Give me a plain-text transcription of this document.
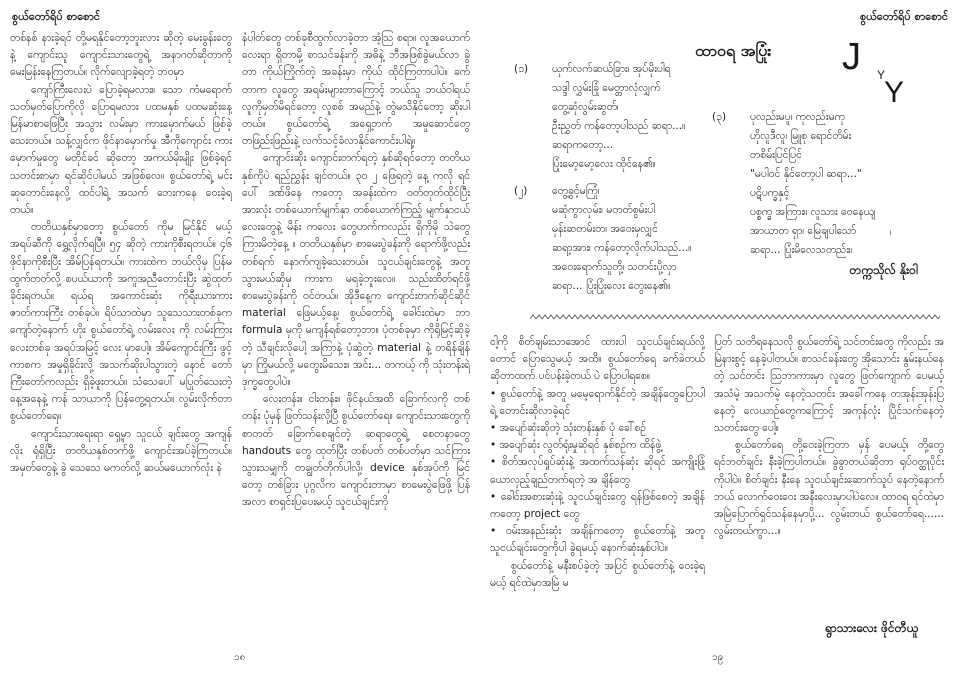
စွယ်တော်ရိပ် စာစောင်

တစ်နစ် နားခဲ့ရင် တို့မရနိုင်တော့ဘူးလား ဆိုတဲ့ မေးခွန်းတွေနဲ့ ကျောင်းသူ ကျောင်းသားတွေရဲ့ အနာဂတ်ဆိုတာကို မေးမြန်းနေကြတယ်။ လိုက်လျောခဲ့ရတဲ့ ဘဝမှာ

ကျော်ကြီးလေးပဲ ပြောခဲ့ရမလား။ သော ကံမရောက် သတ်မှတ်ပြောကိုလို ပြောရမလား ပထမနှစ် ပထမဆုံးနေ့ မြန်မာစာဖြေပြီး အသွား လမ်းမှာ ကားမှောက်မယ် ဖြစ်ခဲ့သေးတယ်။ သန့်လျှင်က ဖိုင်နာမှောက်မှု အီကိုကျောင်း ကားမှောက်မှုတွေ မတိုင်ခင် ဆိုတော့ အကယ်မိုးမျိုး ဖြစ်ခဲ့ရင် သတင်းစာမှာ ရင်ဆိုင်ပါမယ် အဖြစ်လေ။ စွယ်တော်ရဲ့ မင်း ဆုတောင်းနေလို့ ထင်ပါရဲ့ အသက် ဘေးကနေ ဝေးခဲ့ရတယ်။

တတိယနှစ်မှာတော့ စွယ်တော် ကိုမ မြင်နိုင် မယ့်အရပ်ဆီကို ရွှေ့လိုက်ရပြီ။ ၅၄ ဆိုတဲ့ ကားကိုစီးရတယ်။ ၄၆ ဖိုင်နာကိုစီးပြီး အိမ်ပြန်ရတယ်။ ကားထဲက ဘယ်လိုမှ ပြန်မထွက်တတ်လို့ စပယ်ယာကို အကူအညီတောင်းပြီး ဆွဲထုတ်ခိုင်းရတယ်။ ရယ်ရ အကောင်းဆုံး ကိုရီးယားကား ဇာတ်ကားကြီး တစ်ခုပဲ။ ရိပ်သာထဲမှာ သူသေသားတစ်ခုက ကျော်တဲ့နောက် ဟိုး စွယ်တော်ရဲ့ လမ်းလေး ကို လမ်းကြားလေးတစ်ခု အရပ်အမြင့် လေး မှာပေါ့။ အိမ်ကျောင်းကြီး ဖွင့်ကာစက အမှုရှိခိုင်းလို့ အသက်ဆိုးပါသွားတဲ့ နောင် တော်ကြီးတော်ကလည်း ရှိခဲ့ဖူးတယ်။ သံသေပေါ် မပြုတ်သေးတဲ့ နေ့အနေနဲ့ ကန် သာယာကို ပြန်တွေ့ရတယ်။ လွမ်းလိုက်တာ စွယ်တော်ရေ။

ကျောင်းသားရေးရာ ရှေ့မှာ သူငယ် ချင်းတွေ အကျန်လိုး ရုံရှိပြီး တတိယနှစ်တက်ဖို့ ကျောင်းအပ်ခဲ့ကြတယ်။ အမှတ်တွေနဲ့ ခွဲ သေသေ မကတ်လို့ ဆယ်မယောက်လုံး နဲ

နံပါတ်တွေ တစ်ခုစီထွက်လာခဲ့တာ အံ့သြ စရာ။ လူအယောက်လေးရာ ရှိတာမို့ စာသင်ခန်းကို အဓိနဲ့ ဘီအဖြစ်ခွဲမယ်လာ ခွဲတာ ကိုယ်ကြိုက်တဲ့ အခန်းမှာ ကိုယ် ထိုင်ကြတာပါပဲ။ ခက်တာက လူတွေ အရမ်းများတာကြောင့် ဘယ်သူ ဘယ်ဝါရယ် လူကိုမှတ်မိရင်တော့ လူစစ် အမည်နဲ့ တွဲမသိနိုင်တော့ ဆိုးပါတယ်။ စွယ်တော်ရဲ့ အရှေ့ဘက် အမှုဆောင်တွေ တဖြည်းဖြည်းနဲ့ လက်သင့်ခံလာနိုင်ကောင်းပါရဲ့။

ကျောင်းဆိုး ကျောင်းတက်ရတဲ့ နှစ်ဆိုရင်တော့ တတိယနှစ်ကိုပဲ ရည်ညွှန်း ချင်တယ်။ ၃၀ ၂ ဖြေရတဲ့ နေ့ ကလို ရင်ပေါ် ဒဏ်ဖိနေ ကတော့ အခန်းထဲက ဝတ်တုတ်ထိုင်ပြီး အားလုံး တစ်ယောက်မျက်နှာ တစ်ယောက်ကြည့် မျက်နှာငယ်လေးတွေနဲ့ မိန်း ကလေး တွေဟက်ကလည်း ရှိကိုမို သဲတွေ ကြားမိတဲ့နေ့ ။ တတိယနှစ်မှာ စာမေးပွဲခန်းကို ရောက်ဖို့လည်း တစ်ရက် နောက်ကျခဲ့သေးတယ်။ သူငယ်ချင်းတွေနဲ့ အတူ သွားမယ်ဆိုမှ ကားက မရခဲ့ဘူးလေ။ သည်းထိတ်ရင်ဖို့ စာမေးပွဲခန်းကို ဝင်တယ်။ အိုဒီနေ့က ကျောင်းတက်ဆိုင်ဆိုင် material ဖြေမယ့်နေ့၊ စွယ်တော်ရဲ့ ခေါင်းထဲမှာ ဘာ formula မှကို မကျန်ရစ်တော့ဘာ။ ပုံတစ်ခုမှာ ကိုရိုမြင့်ဆိုခဲ့တဲ့ သီချင်းလိုပေါ့ အကြာနဲ့ ပုံဆွဲတဲ့ material နဲ့ တရိန်ချိန်မှာ ကြိုမယ်လို့ မတွေးမိသေး။ အင်း... တကယ့် ကို သုံးတန်းရဲ့ ဒုက္ခတွေပါပဲ။

လေးတန်း။ ငါးတန်း။ ဖိုင်နယ်အထိ ခြောက်လကို တစ်တန်း ပုံမှန် ဖြတ်သန်းလို့ပြီ စွယ်တော်ရေ။ ကျောင်းသားတွေကို စာတတ် ခြောက်စေချင်တဲ့ ဆရာတွေရဲ့ စေတနာတွေ handouts တွေ ထုတ်ပြီး တစ်ပတ် တစ်ပတ်မှာ သင်ကြားသွားသမျှကို တချွတ်တိုက်ပါလို့၊ device နှစ်အုပ်ကို မြင်တော့ တစ်ခြား ပုဂ္ဂလိက ကျောင်းတာမှာ စာမေးပွဲဖြေဖို့ ပြန်အလာ စာရှင်းပြပေးမယ့် သူငယ်ချင်းကို

၁၈
စွယ်တော်ရိပ် စာစောင်
ထာဝရ အပြုံး J Y
Y
(၁) ယုက်လက်ဆယ်ခြား၊ အုပ်မိုးပါရ
သဒ္ဒါ လွှမ်းခြုံ မေတ္တာလုံလျှက်
တွေ့ဆုံလွမ်းဆွတ်၊
ဦးညွှတ် ကန်တော့ပါသည် ဆရာ...။
ဆရာကတော့...
ပြုံးမော့မော့လေး ထိုင်နေ၏။
(၂) တွေ့ခွင့်မကြုံ၊
မဆုံကွာလှမ်း၊ မတတ်စွမ်းပါ
မှန်းဆတမ်းတ၊ အဝေးမှလျှင်
ဆရာ့အား၊ ကန်တော့လိုက်ပါသည်...။
အဝေးရောက်သူတို့၊ သတင်းပို့လှာ
ဆရာ... ပြုံးပြုံးလေး တွေးနေ၏။
(၃) ပုလည်းမပူ၊ ကုလည်းမကု
ဟိုလူဒီလူ၊ မြူစု ရောင်တိမ်း
တစိမ်းပြင်ပြင်
"မပါဝင် နိုင်တော့ပါ ဆရာ..."
ပဋိပက္ခနှင့်
ပစ္စက္ခ အကြား။ လူသား ဝေနေယျ
အာယာတ ရှာ၊ မြေချပါသော်
ဆရာ... ပြုံးမိလေသတည်း။
၊
တက္ကသိုလ် နိုးဝါ

ငါ့ကို စိတ်ချမ်းသာအောင် ထားပါ သူငယ်ချင်းရယ်လို့တောင် ပြောသွေမယ့် အထိ။ စွယ်တော်ရေ ခက်ခဲတယ် ဆိုတာထက် ပင်ပန်းခဲ့တယ် ပဲ ပြောပါရစေ။

• စွယ်တော်နဲ့ အတူ မမေ့ရောက်နိုင်တဲ့ အချိန်တွေပြောပါရဲ့ တောင်းဆိုလာခဲ့ရင်

• အပျော်ဆုံးဆိုတဲ့ သုံးတန်းနှစ် ပုံ ခေါ်စဉ်

• အပျော်ဆုံး လွတ်ရုံးမှုဆိုရင် နှစ်စဉ်က ထိန်ဖွဲ့

• စိတ်အလုပ်ရှုပ်ဆုံးနဲ့ အထက်သန်ဆုံး ဆိုရင် အကျိုးဖြုံ ယောလှည့်ချည်တက်ရတဲ့ အ ချိန်တွေ

• ခေါင်းအစားဆုံးနဲ့ သူငယ်ချင်းတွေ ရန်ဖြစ်စေတဲ့ အချိန်ကတော့ project တွေ

• ဝမ်းအနည်းဆုံး အချိန်ကတော့ စွယ်တော်နဲ့ အတူ သူငယ်ချင်းတွေကိုပါ ခွဲရမယ့် နောက်ဆုံးနှစ်ပါပဲ။

စွယ်တော်နဲ့ မနီးစပ်ခဲ့တဲ့ အပြင် စွယ်တော်နဲ့ ဝေးခဲ့ရမယ့် ရင်ထဲမှာအမြဲ မ

ပြတ် သတိရနေသလို စွယ်တော်ရဲ့ သင်တင်းတွေ ကိုလည်း အမြဲနားစွင့် နေခဲ့ပါတယ်။ စာသင်ခန်းတွေ အိုသောင်း နွမ်းနယ်နေတဲ့ သင်တင်း ဩဘာကားမှာ လူတွေ ဖြတ်ကျောက် ပေမယ့် အသံမဲ့ အသက်မဲ့ နေတဲ့သတင်း အခေါ်ကနေ တအုန်းအုန်းပြနေတဲ့ လေယာဉ်တွေကကြောင့် အကုန်လုံး ပြိုင်သက်နေတဲ့သတင်းတွေ ပေါ့။

စွယ်တော်ရေ တို့ဝေးခဲ့ကြတာ မှန် ပေမယ့်၊ တို့တွေ ရင်ဘတ်ချင်း နီးခဲ့ကြပါတယ်။ ခွဲခွာတယ်ဆိုတာ ရုပ်ဝတ္ထုပိုင်းကိုပါပဲ။ စိတ်ချင်း နီးနေ သူငယ်ချင်းဆောက်သူပ် နေတဲ့နောက် ဘယ် လောက်ဝေးဝေး အနီးလေးမှာပါပဲလေ။ ထာဝရ ရင်ထဲမှာ အမြဲပြောက်ရှင်သန်နေမှာပို့... လွမ်းတယ် စွယ်တော်ရေ...... လွမ်းတယ်ကွာ...။

ရွာသားလေး ဖိုင်တီယူ
၁၉
